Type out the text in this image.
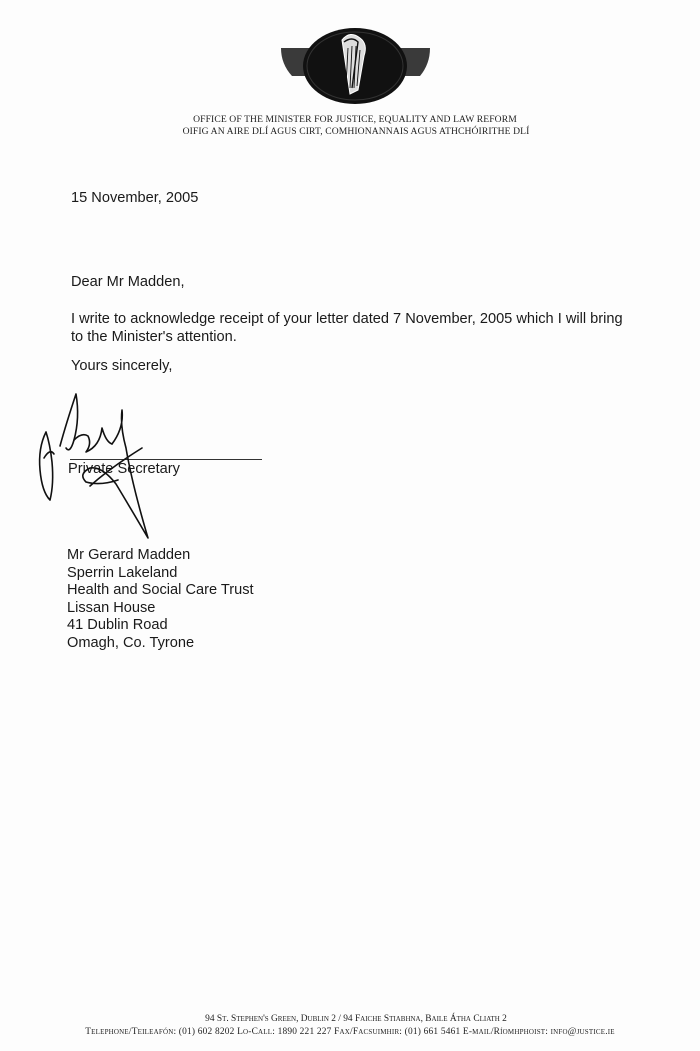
OFFICE OF THE MINISTER FOR JUSTICE, EQUALITY AND LAW REFORM
OIFIG AN AIRE DLÍ AGUS CIRT, COMHIONANNAIS AGUS ATHCHÓIRITHE DLÍ
15 November, 2005
Dear Mr Madden,
I write to acknowledge receipt of your letter dated 7 November, 2005 which I will bring to the Minister's attention.
Yours sincerely,
Private Secretary
Mr Gerard Madden
Sperrin Lakeland
Health and Social Care Trust
Lissan House
41 Dublin Road
Omagh, Co. Tyrone
94 St. Stephen's Green, Dublin 2 / 94 Faiche Stiabhna, Baile Átha Cliath 2
Telephone/Teileafón: (01) 602 8202 Lo-Call: 1890 221 227 Fax/Facsuimhir: (01) 661 5461 E-mail/Ríomhphoist: info@justice.ie
